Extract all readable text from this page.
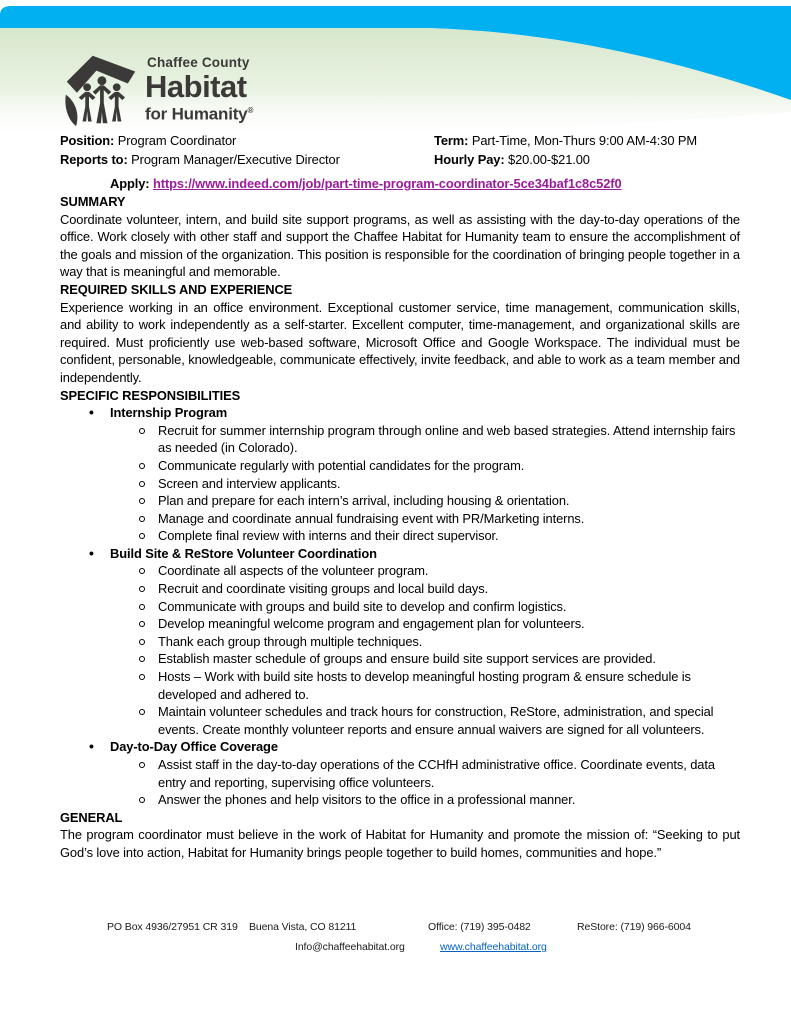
Chaffee County
Habitat
for Humanity®
Position: Program Coordinator	Term: Part-Time, Mon-Thurs 9:00 AM-4:30 PM
Reports to: Program Manager/Executive Director	Hourly Pay: $20.00-$21.00
Apply: https://www.indeed.com/job/part-time-program-coordinator-5ce34baf1c8c52f0
SUMMARY

Coordinate volunteer, intern, and build site support programs, as well as assisting with the day-to-day operations of the office. Work closely with other staff and support the Chaffee Habitat for Humanity team to ensure the accomplishment of the goals and mission of the organization. This position is responsible for the coordination of bringing people together in a way that is meaningful and memorable.

REQUIRED SKILLS AND EXPERIENCE

Experience working in an office environment. Exceptional customer service, time management, communication skills, and ability to work independently as a self-starter. Excellent computer, time-management, and organizational skills are required. Must proficiently use web-based software, Microsoft Office and Google Workspace. The individual must be confident, personable, knowledgeable, communicate effectively, invite feedback, and able to work as a team member and independently.

SPECIFIC RESPONSIBILITIES
• Internship Program
Recruit for summer internship program through online and web based strategies. Attend internship fairs as needed (in Colorado).
Communicate regularly with potential candidates for the program.
Screen and interview applicants.
Plan and prepare for each intern’s arrival, including housing & orientation.
Manage and coordinate annual fundraising event with PR/Marketing interns.
Complete final review with interns and their direct supervisor.
• Build Site & ReStore Volunteer Coordination
Coordinate all aspects of the volunteer program.
Recruit and coordinate visiting groups and local build days.
Communicate with groups and build site to develop and confirm logistics.
Develop meaningful welcome program and engagement plan for volunteers.
Thank each group through multiple techniques.
Establish master schedule of groups and ensure build site support services are provided.
Hosts – Work with build site hosts to develop meaningful hosting program & ensure schedule is developed and adhered to.
Maintain volunteer schedules and track hours for construction, ReStore, administration, and special events. Create monthly volunteer reports and ensure annual waivers are signed for all volunteers.
• Day-to-Day Office Coverage
Assist staff in the day-to-day operations of the CCHfH administrative office. Coordinate events, data entry and reporting, supervising office volunteers.
Answer the phones and help visitors to the office in a professional manner.
GENERAL

The program coordinator must believe in the work of Habitat for Humanity and promote the mission of: “Seeking to put God’s love into action, Habitat for Humanity brings people together to build homes, communities and hope.”

PO Box 4936/27951 CR 319 Buena Vista, CO 81211	Office: (719) 395-0482	ReStore: (719) 966-6004
Info@chaffeehabitat.org	www.chaffeehabitat.org
